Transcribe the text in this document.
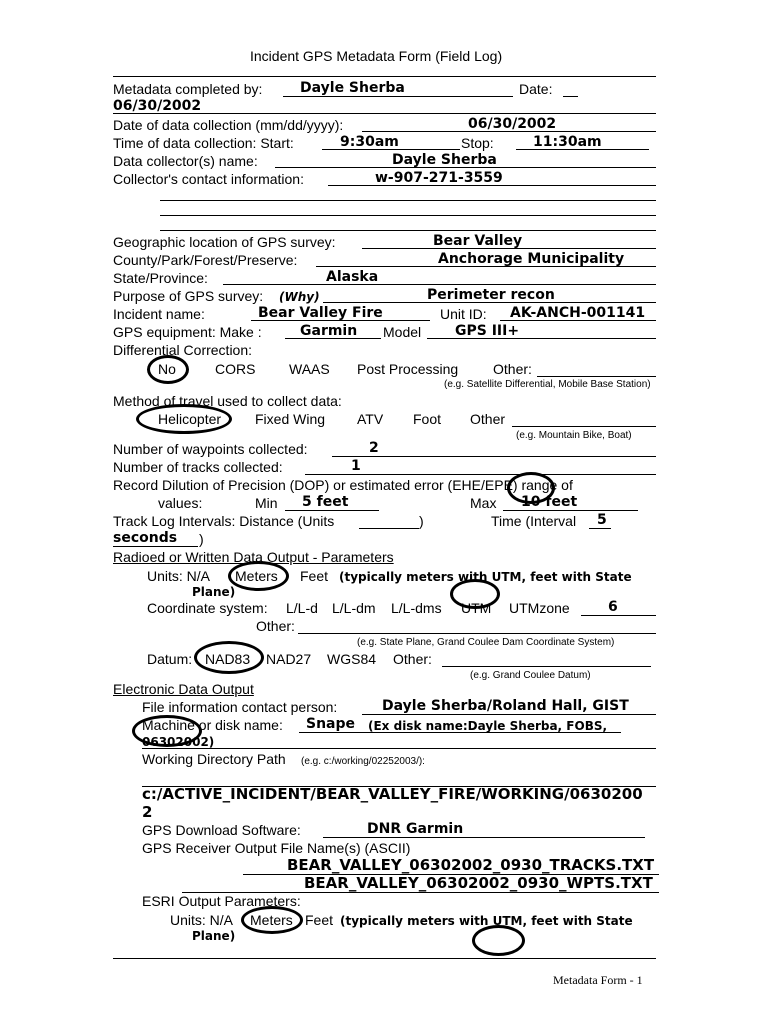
Incident GPS Metadata Form (Field Log)
Metadata completed by:	Dayle Sherba	Date:
06/30/2002
Date of data collection (mm/dd/yyyy):	06/30/2002
Time of data collection: Start:	9:30am	Stop:	11:30am
Data collector(s) name:	Dayle Sherba
Collector's contact information:	w-907-271-3559
Geographic location of GPS survey:	Bear Valley
County/Park/Forest/Preserve:	Anchorage Municipality
State/Province:	Alaska
Purpose of GPS survey: (Why)	Perimeter recon
Incident name:	Bear Valley Fire	Unit ID: AK-ANCH-001141
GPS equipment: Make :	Garmin Model GPS III+
Differential Correction:
No	CORS WAAS Post Processing Other:
(e.g. Satellite Differential, Mobile Base Station)
Method of travel used to collect data:
Helicopter Fixed Wing ATV Foot Other
(e.g. Mountain Bike, Boat)
Number of waypoints collected:	2
Number of tracks collected:	1
Record Dilution of Precision (DOP) or estimated error (EHE/EPE) range of
values:	Min 5 feet	Max 10 feet
Track Log Intervals: Distance (Units	)	Time (Interval 5
seconds )
Radioed or Written Data Output - Parameters
Units: N/A Meters Feet (typically meters with UTM, feet with State
Plane)
Coordinate system: L/L-d L/L-dm L/L-dms UTM UTMzone	6
Other:
(e.g. State Plane, Grand Coulee Dam Coordinate System)
Datum: NAD83 NAD27 WGS84 Other:
(e.g. Grand Coulee Datum)
Electronic Data Output
File information contact person:	Dayle Sherba/Roland Hall, GIST
Machine or disk name: Snape (Ex disk name:Dayle Sherba, FOBS,
06302002)
Working Directory Path (e.g. c:/working/02252003/):
c:/ACTIVE_INCIDENT/BEAR_VALLEY_FIRE/WORKING/0630200
2
GPS Download Software:	DNR Garmin
GPS Receiver Output File Name(s) (ASCII)
BEAR_VALLEY_06302002_0930_TRACKS.TXT
BEAR_VALLEY_06302002_0930_WPTS.TXT
ESRI Output Parameters:
Units: N/A Meters Feet (typically meters with UTM, feet with State
Plane)
Metadata Form - 1
